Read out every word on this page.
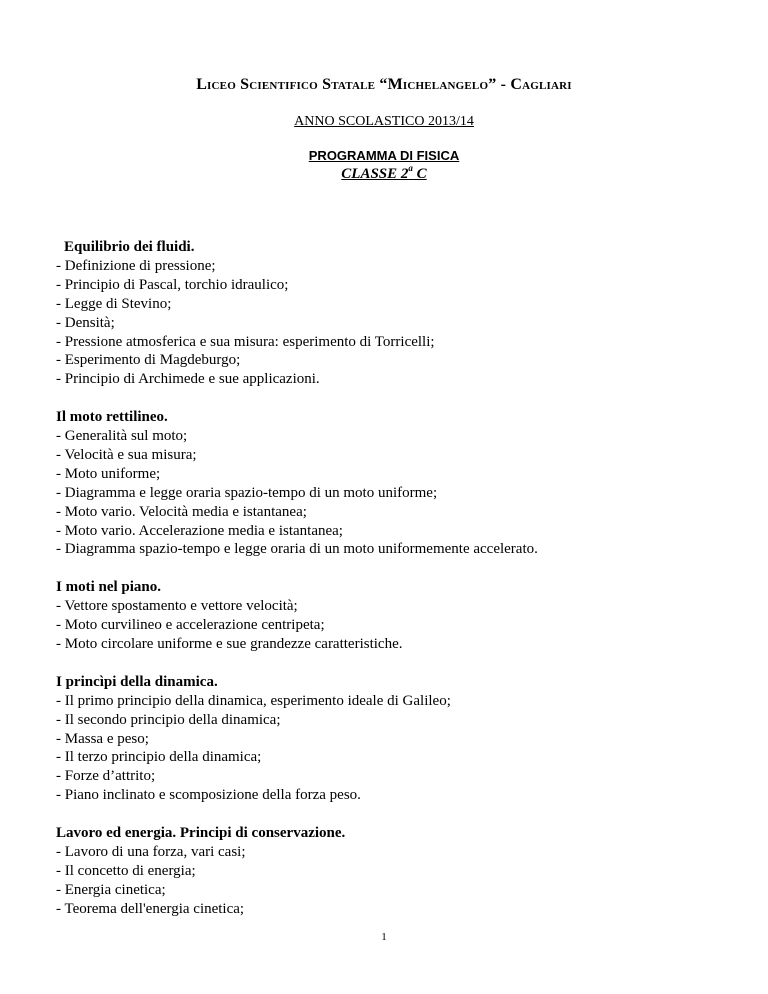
Liceo Scientifico Statale “Michelangelo” - Cagliari
ANNO SCOLASTICO 2013/14
PROGRAMMA DI FISICA
CLASSE 2$^a$ C
Equilibrio dei fluidi.
- Definizione di pressione;
- Principio di Pascal, torchio idraulico;
- Legge di Stevino;
- Densità;
- Pressione atmosferica e sua misura: esperimento di Torricelli;
- Esperimento di Magdeburgo;
- Principio di Archimede e sue applicazioni.
Il moto rettilineo.
- Generalità sul moto;
- Velocità e sua misura;
- Moto uniforme;
- Diagramma e legge oraria spazio-tempo di un moto uniforme;
- Moto vario. Velocità media e istantanea;
- Moto vario. Accelerazione media e istantanea;
- Diagramma spazio-tempo e legge oraria di un moto uniformemente accelerato.
I moti nel piano.
- Vettore spostamento e vettore velocità;
- Moto curvilineo e accelerazione centripeta;
- Moto circolare uniforme e sue grandezze caratteristiche.
I princìpi della dinamica.
- Il primo principio della dinamica, esperimento ideale di Galileo;
- Il secondo principio della dinamica;
- Massa e peso;
- Il terzo principio della dinamica;
- Forze d’attrito;
- Piano inclinato e scomposizione della forza peso.
Lavoro ed energia. Principi di conservazione.
- Lavoro di una forza, vari casi;
- Il concetto di energia;
- Energia cinetica;
- Teorema dell'energia cinetica;
1
